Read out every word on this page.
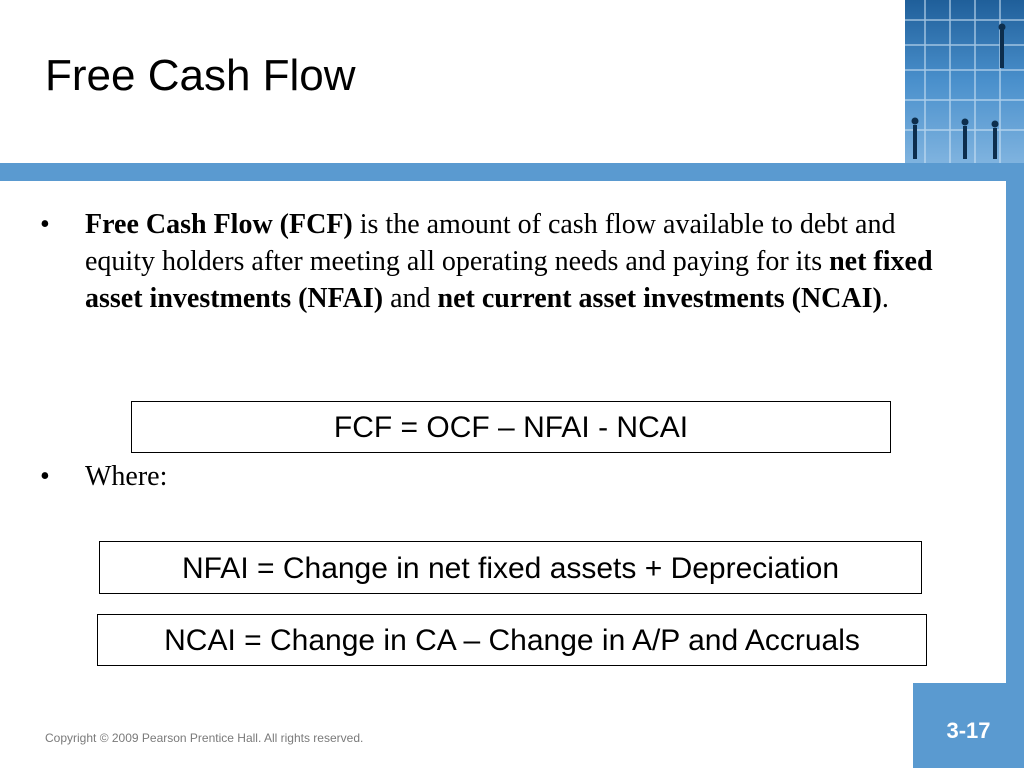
Free Cash Flow
•	Free Cash Flow (FCF) is the amount of cash flow available to debt and equity holders after meeting all operating needs and paying for its net fixed asset investments (NFAI) and net current asset investments (NCAI).
FCF = OCF – NFAI - NCAI
•	Where:
NFAI = Change in net fixed assets + Depreciation
NCAI = Change in CA – Change in A/P and Accruals
Copyright © 2009 Pearson Prentice Hall. All rights reserved.	3-17
